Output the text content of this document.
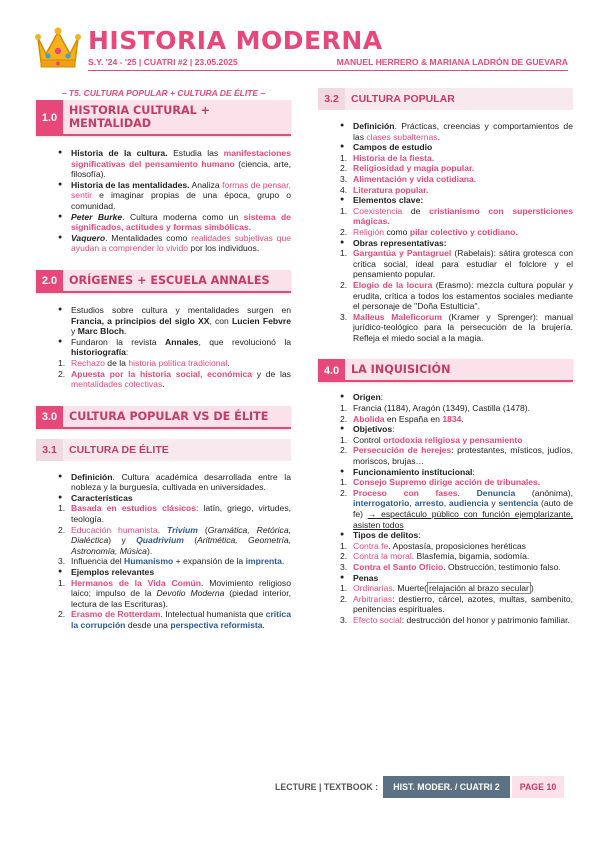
HISTORIA MODERNA
S.Y. '24 - '25 | CUATRI #2 | 23.05.2025	MANUEL HERRERO & MARIANA LADRÓN DE GUEVARA
– T5. CULTURA POPULAR + CULTURA DE ÉLITE –
1.0
HISTORIA CULTURAL + MENTALIDAD
● Historia de la cultura. Estudia las manifestaciones significativas del pensamiento humano (ciencia, arte, filosofía).
● Historia de las mentalidades. Analiza formas de pensar, sentir e imaginar propias de una época, grupo o comunidad.
● Peter Burke. Cultura moderna como un sistema de significados, actitudes y formas simbólicas.
● Vaquero. Mentalidades como realidades subjetivas que ayudan a comprender lo vivido por los individuos.
2.0	ORÍGENES + ESCUELA ANNALES
● Estudios sobre cultura y mentalidades surgen en Francia, a principios del siglo XX, con Lucien Febvre y Marc Bloch.
● Fundaron la revista Annales, que revolucionó la historiografía:
1. Rechazo de la historia política tradicional.
2. Apuesta por la historia social, económica y de las mentalidades colectivas.
3.0	CULTURA POPULAR VS DE ÉLITE
3.1	CULTURA DE ÉLITE
● Definición. Cultura académica desarrollada entre la nobleza y la burguesía, cultivada en universidades.
● Características
1. Basada en estudios clásicos: latín, griego, virtudes, teología.
2. Educación humanista. Trivium (Gramática, Retórica, Dialéctica) y Quadrivium (Aritmética, Geometría, Astronomía, Música).
3. Influencia del Humanismo + expansión de la imprenta.
● Ejemplos relevantes
1. Hermanos de la Vida Común. Movimiento religioso laico; impulso de la Devotio Moderna (piedad interior, lectura de las Escrituras).
2. Erasmo de Rotterdam. Intelectual humanista que critica la corrupción desde una perspectiva reformista.
3.2	CULTURA POPULAR
● Definición. Prácticas, creencias y comportamientos de las clases subalternas.
● Campos de estudio
1. Historia de la fiesta.
2. Religiosidad y magia popular.
3. Alimentación y vida cotidiana.
4. Literatura popular.
● Elementos clave:
1. Coexistencia de cristianismo con supersticiones mágicas.
2. Religión como pilar colectivo y cotidiano.
● Obras representativas:
1. Gargantúa y Pantagruel (Rabelais): sátira grotesca con crítica social, ideal para estudiar el folclore y el pensamiento popular.
2. Elogio de la locura (Erasmo): mezcla cultura popular y erudita, crítica a todos los estamentos sociales mediante el personaje de "Doña Estulticia".
3. Malleus Maleficorum (Kramer y Sprenger): manual jurídico-teológico para la persecución de la brujería. Refleja el miedo social a la magia.
4.0	LA INQUISICIÓN
● Origen:
1. Francia (1184), Aragón (1349), Castilla (1478).
2. Abolida en España en 1834.
● Objetivos:
1. Control ortodoxia religiosa y pensamiento
2. Persecución de herejes: protestantes, místicos, judíos, moriscos, brujas…
● Funcionamiento institucional:
1. Consejo Supremo dirige acción de tribunales.
2. Proceso con fases. Denuncia (anónima), interrogatorio, arresto, audiencia y sentencia (auto de fe) → espectáculo público con función ejemplarizante, asisten todos
● Tipos de delitos:
1. Contra fe. Apostasía, proposiciones heréticas
2. Contra la moral. Blasfemia, bigamia, sodomía.
3. Contra el Santo Oficio. Obstrucción, testimonio falso.
● Penas
1. Ordinarias. Muerte( relajación al brazo secular )
2. Arbitrarias: destierro, cárcel, azotes, multas, sambenito, penitencias espirituales.
3. Efecto social: destrucción del honor y patrimonio familiar.
LECTURE | TEXTBOOK :	HIST. MODER. / CUATRI 2	PAGE 10
